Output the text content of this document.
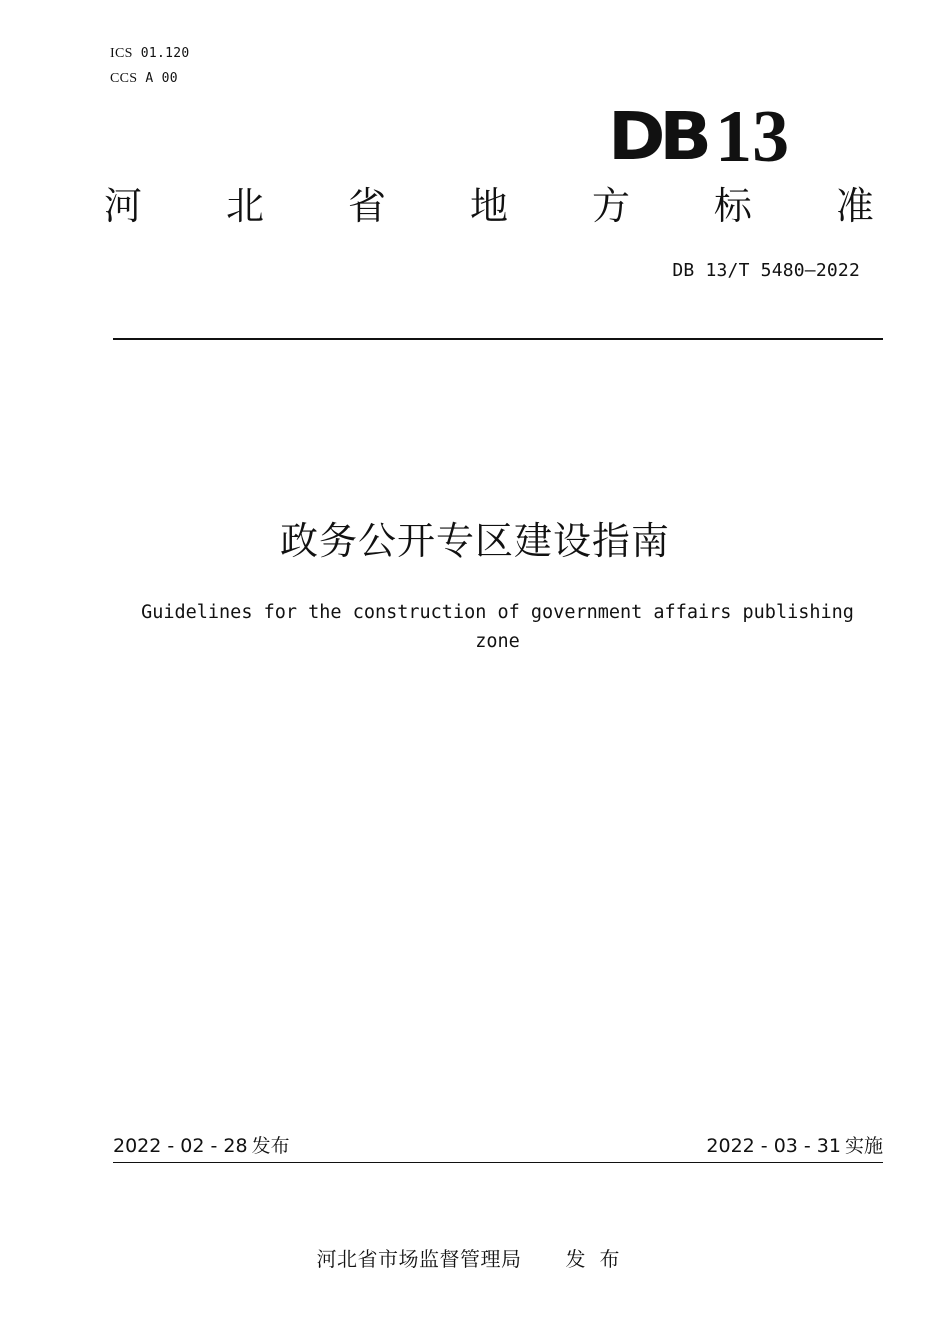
ICS 01.120
CCS A 00
DB 13
河 北 省 地 方 标 准
DB 13/T 5480—2022
政务公开专区建设指南
Guidelines for the construction of government affairs publishing zone
2022 - 02 - 28 发布	2022 - 03 - 31 实施
河北省市场监督管理局 发布
